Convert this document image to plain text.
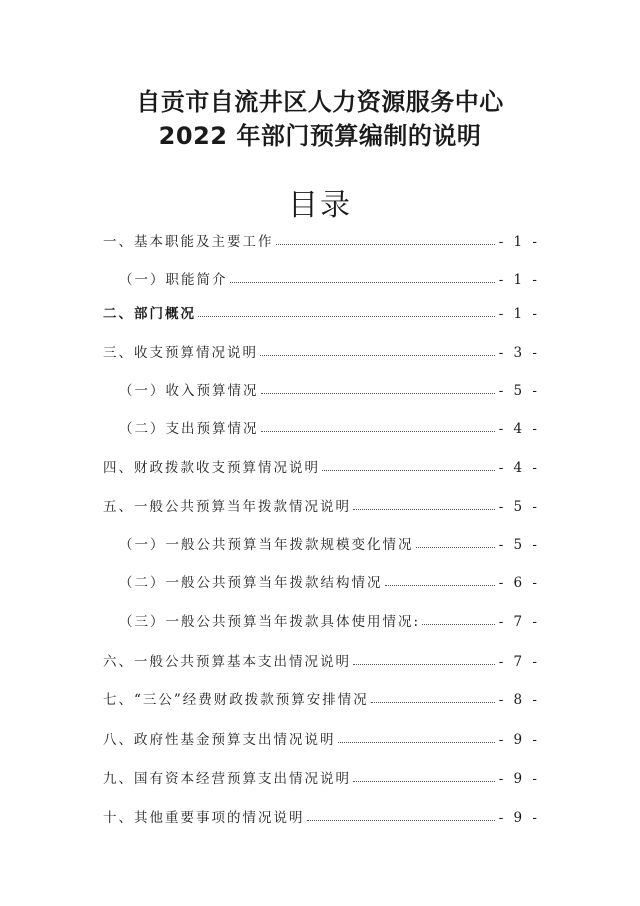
自贡市自流井区人力资源服务中心
2022 年部门预算编制的说明
目录
一、基本职能及主要工作	- 1 -
（一）职能简介	- 1 -
二、部门概况	- 1 -
三、收支预算情况说明	- 3 -
（一）收入预算情况	- 5 -
（二）支出预算情况	- 4 -
四、财政拨款收支预算情况说明	- 4 -
五、一般公共预算当年拨款情况说明	- 5 -
（一）一般公共预算当年拨款规模变化情况	- 5 -
（二）一般公共预算当年拨款结构情况	- 6 -
（三）一般公共预算当年拨款具体使用情况:	- 7 -
六、一般公共预算基本支出情况说明	- 7 -
七、“三公”经费财政拨款预算安排情况	- 8 -
八、政府性基金预算支出情况说明	- 9 -
九、国有资本经营预算支出情况说明	- 9 -
十、其他重要事项的情况说明	- 9 -
